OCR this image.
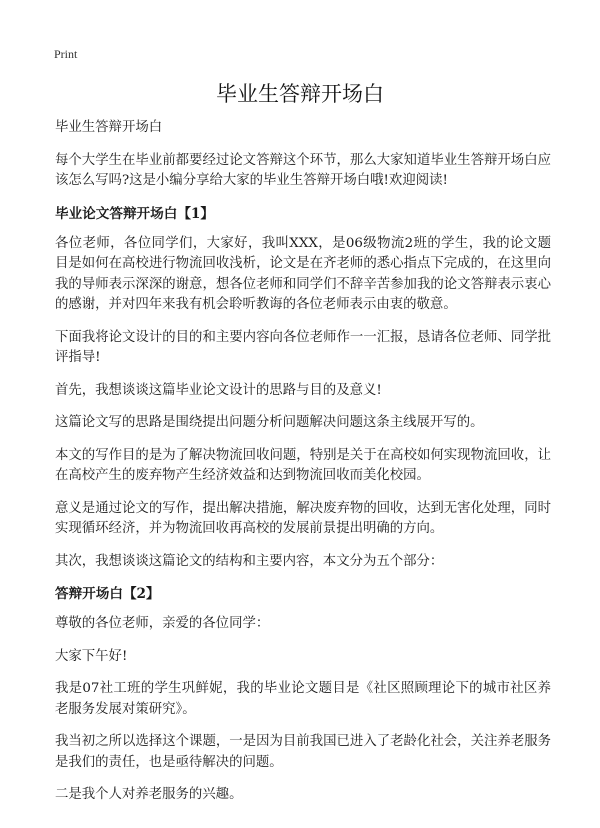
Print
毕业生答辩开场白

毕业生答辩开场白

每个大学生在毕业前都要经过论文答辩这个环节，那么大家知道毕业生答辩开场白应该怎么写吗?这是小编分享给大家的毕业生答辩开场白哦!欢迎阅读!

毕业论文答辩开场白【1】

各位老师，各位同学们，大家好，我叫XXX，是06级物流2班的学生，我的论文题目是如何在高校进行物流回收浅析，论文是在齐老师的悉心指点下完成的，在这里向我的导师表示深深的谢意，想各位老师和同学们不辞辛苦参加我的论文答辩表示衷心的感谢，并对四年来我有机会聆听教诲的各位老师表示由衷的敬意。

下面我将论文设计的目的和主要内容向各位老师作一一汇报，恳请各位老师、同学批评指导!

首先，我想谈谈这篇毕业论文设计的思路与目的及意义!

这篇论文写的思路是围绕提出问题分析问题解决问题这条主线展开写的。

本文的写作目的是为了解决物流回收问题，特别是关于在高校如何实现物流回收，让在高校产生的废弃物产生经济效益和达到物流回收而美化校园。

意义是通过论文的写作，提出解决措施，解决废弃物的回收，达到无害化处理，同时实现循环经济，并为物流回收再高校的发展前景提出明确的方向。

其次，我想谈谈这篇论文的结构和主要内容，本文分为五个部分：

答辩开场白【2】

尊敬的各位老师，亲爱的各位同学：

大家下午好!

我是07社工班的学生巩鲜妮，我的毕业论文题目是《社区照顾理论下的城市社区养老服务发展对策研究》。

我当初之所以选择这个课题，一是因为目前我国已进入了老龄化社会，关注养老服务是我们的责任，也是亟待解决的问题。

二是我个人对养老服务的兴趣。
